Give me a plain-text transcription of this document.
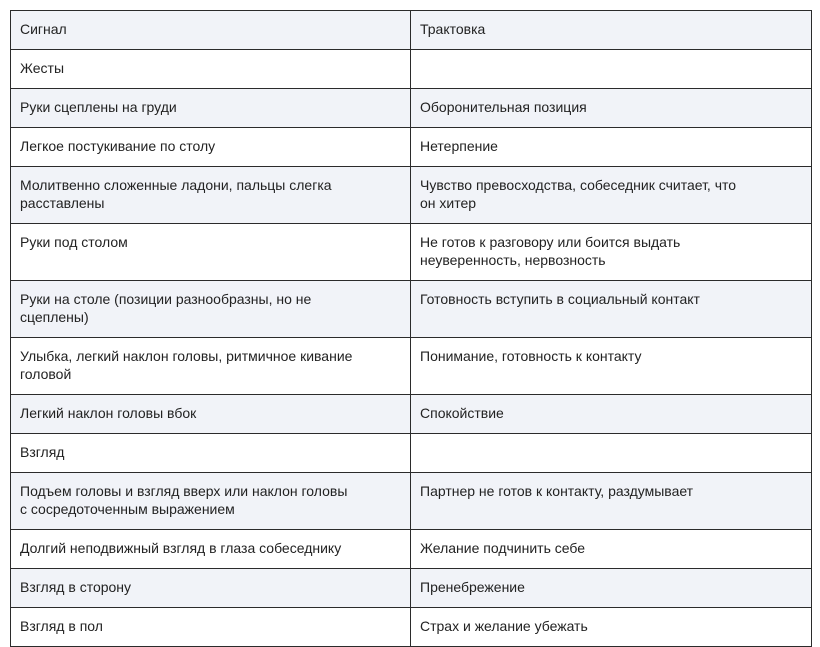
Сигнал	Трактовка

Жесты	

Руки сцеплены на груди	Оборонительная позиция

Легкое постукивание по столу	Нетерпение

Молитвенно сложенные ладони, пальцы слегка
расставлены	Чувство превосходства, собеседник считает, что
он хитер

Руки под столом	Не готов к разговору или боится выдать
неуверенность, нервозность

Руки на столе (позиции разнообразны, но не
сцеплены)	Готовность вступить в социальный контакт

Улыбка, легкий наклон головы, ритмичное кивание
головой	Понимание, готовность к контакту

Легкий наклон головы вбок	Спокойствие

Взгляд	

Подъем головы и взгляд вверх или наклон головы
с сосредоточенным выражением	Партнер не готов к контакту, раздумывает

Долгий неподвижный взгляд в глаза собеседнику	Желание подчинить себе

Взгляд в сторону	Пренебрежение

Взгляд в пол	Страх и желание убежать
